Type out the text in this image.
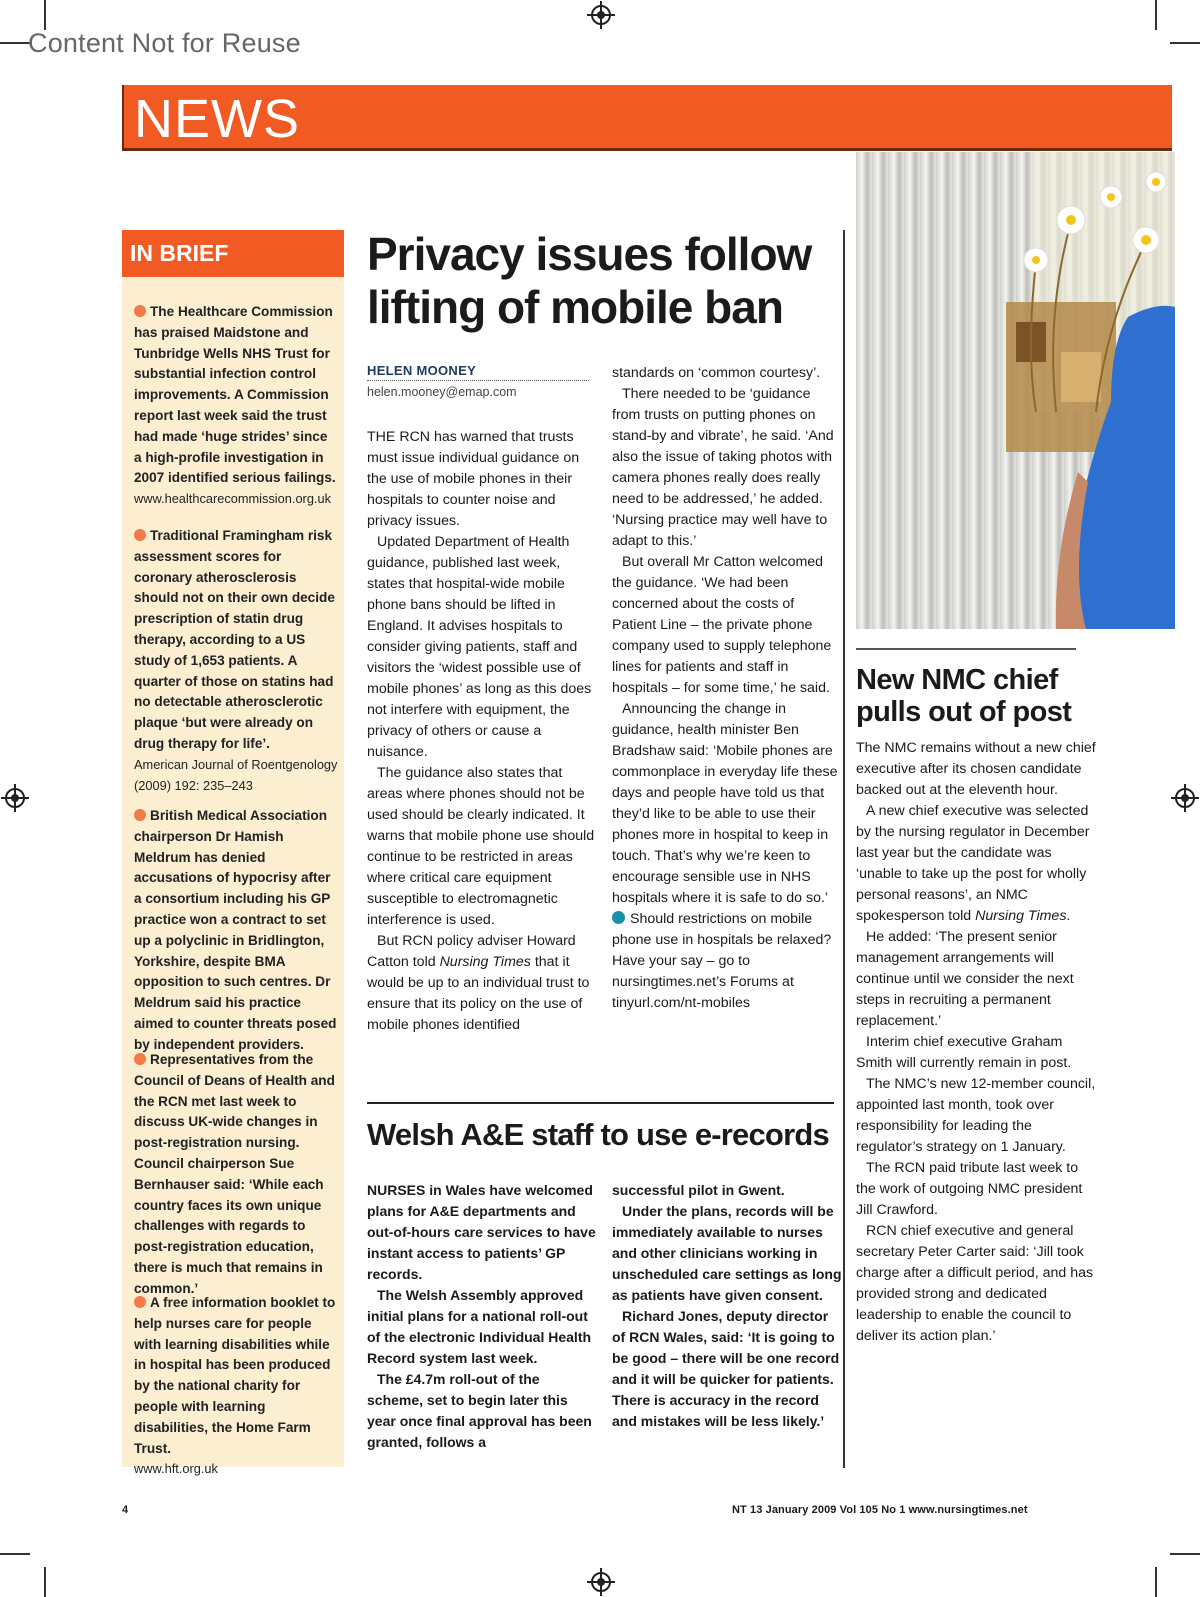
Content Not for Reuse
NEWS
IN BRIEF
The Healthcare Commission has praised Maidstone and Tunbridge Wells NHS Trust for substantial infection control improvements. A Commission report last week said the trust had made ‘huge strides’ since a high-profile investigation in 2007 identified serious failings.
www.healthcarecommission.org.uk
Traditional Framingham risk assessment scores for coronary atherosclerosis should not on their own decide prescription of statin drug therapy, according to a US study of 1,653 patients. A quarter of those on statins had no detectable atherosclerotic plaque ‘but were already on drug therapy for life’.
American Journal of Roentgenology (2009) 192: 235–243
British Medical Association chairperson Dr Hamish Meldrum has denied accusations of hypocrisy after a consortium including his GP practice won a contract to set up a polyclinic in Bridlington, Yorkshire, despite BMA opposition to such centres. Dr Meldrum said his practice aimed to counter threats posed by independent providers.
Representatives from the Council of Deans of Health and the RCN met last week to discuss UK-wide changes in post-registration nursing. Council chairperson Sue Bernhauser said: ‘While each country faces its own unique challenges with regards to post-registration education, there is much that remains in common.’
A free information booklet to help nurses care for people with learning disabilities while in hospital has been produced by the national charity for people with learning disabilities, the Home Farm Trust.
www.hft.org.uk
Privacy issues follow lifting of mobile ban
HELEN MOONEY
helen.mooney@emap.com

THE RCN has warned that trusts must issue individual guidance on the use of mobile phones in their hospitals to counter noise and privacy issues.

Updated Department of Health guidance, published last week, states that hospital-wide mobile phone bans should be lifted in England. It advises hospitals to consider giving patients, staff and visitors the ‘widest possible use of mobile phones’ as long as this does not interfere with equipment, the privacy of others or cause a nuisance.

The guidance also states that areas where phones should not be used should be clearly indicated. It warns that mobile phone use should continue to be restricted in areas where critical care equipment susceptible to electromagnetic interference is used.

But RCN policy adviser Howard Catton told Nursing Times that it would be up to an individual trust to ensure that its policy on the use of mobile phones identified

standards on ‘common courtesy’.

There needed to be ‘guidance from trusts on putting phones on stand-by and vibrate’, he said. ‘And also the issue of taking photos with camera phones really does really need to be addressed,’ he added. ‘Nursing practice may well have to adapt to this.’

But overall Mr Catton welcomed the guidance. ‘We had been concerned about the costs of Patient Line – the private phone company used to supply telephone lines for patients and staff in hospitals – for some time,’ he said.

Announcing the change in guidance, health minister Ben Bradshaw said: ‘Mobile phones are commonplace in everyday life these days and people have told us that they’d like to be able to use their phones more in hospital to keep in touch. That’s why we’re keen to encourage sensible use in NHS hospitals where it is safe to do so.’

Should restrictions on mobile phone use in hospitals be relaxed? Have your say – go to nursingtimes.net’s Forums at tinyurl.com/nt-mobiles

Welsh A&E staff to use e-records

NURSES in Wales have welcomed plans for A&E departments and out-of-hours care services to have instant access to patients’ GP records.

The Welsh Assembly approved initial plans for a national roll-out of the electronic Individual Health Record system last week.

The £4.7m roll-out of the scheme, set to begin later this year once final approval has been granted, follows a

successful pilot in Gwent.

Under the plans, records will be immediately available to nurses and other clinicians working in unscheduled care settings as long as patients have given consent.

Richard Jones, deputy director of RCN Wales, said: ‘It is going to be good – there will be one record and it will be quicker for patients. There is accuracy in the record and mistakes will be less likely.’

New NMC chief pulls out of post

The NMC remains without a new chief executive after its chosen candidate backed out at the eleventh hour.

A new chief executive was selected by the nursing regulator in December last year but the candidate was ‘unable to take up the post for wholly personal reasons’, an NMC spokesperson told Nursing Times.

He added: ‘The present senior management arrangements will continue until we consider the next steps in recruiting a permanent replacement.’

Interim chief executive Graham Smith will currently remain in post.

The NMC’s new 12-member council, appointed last month, took over responsibility for leading the regulator’s strategy on 1 January.

The RCN paid tribute last week to the work of outgoing NMC president Jill Crawford.

RCN chief executive and general secretary Peter Carter said: ‘Jill took charge after a difficult period, and has provided strong and dedicated leadership to enable the council to deliver its action plan.’

4	NT 13 January 2009 Vol 105 No 1 www.nursingtimes.net
